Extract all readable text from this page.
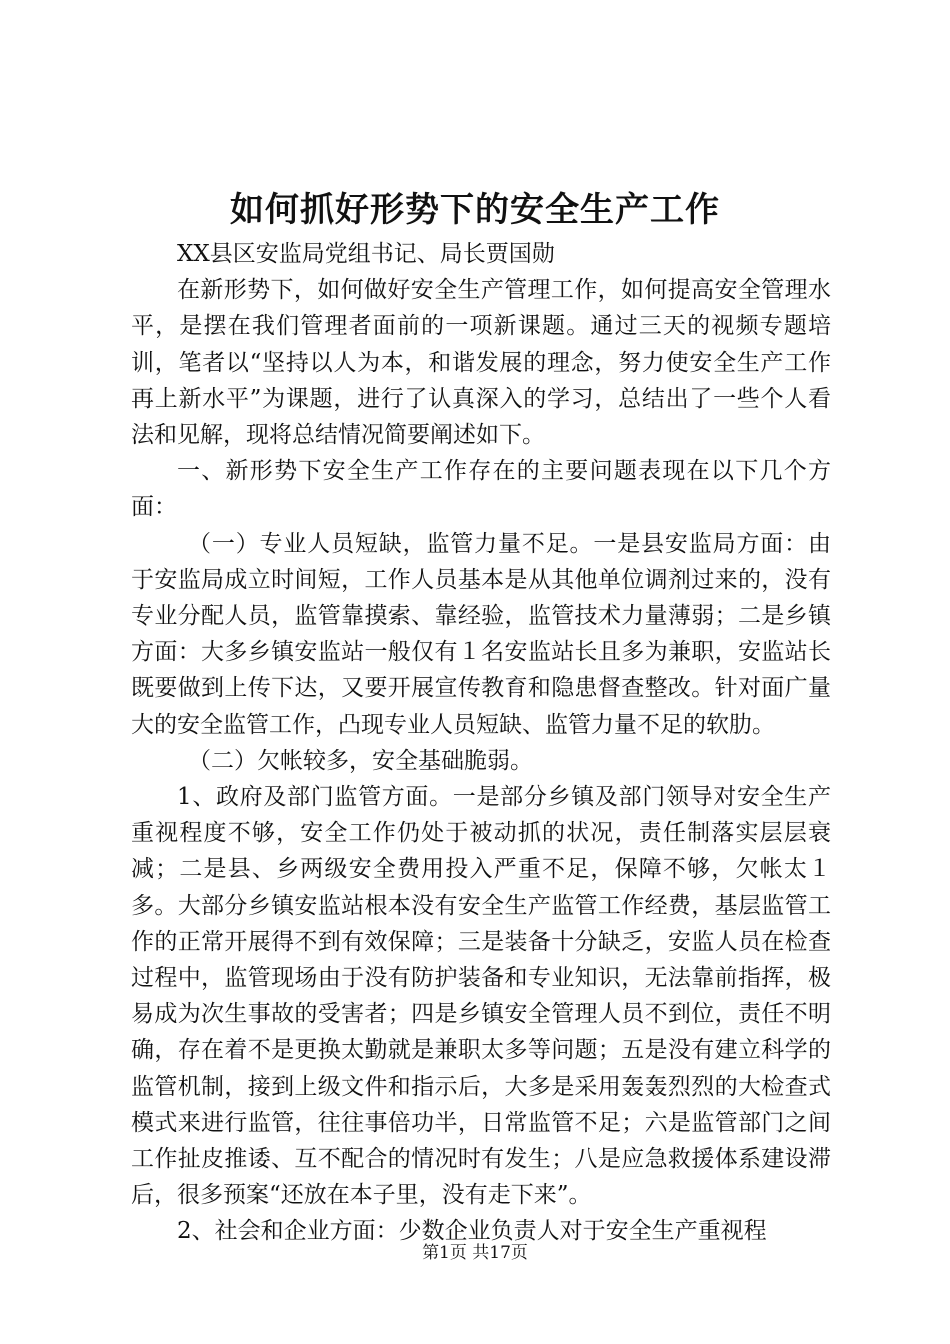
如何抓好形势下的安全生产工作

XX县区安监局党组书记、局长贾国勋

在新形势下，如何做好安全生产管理工作，如何提高安全管理水平，是摆在我们管理者面前的一项新课题。通过三天的视频专题培训，笔者以“坚持以人为本，和谐发展的理念，努力使安全生产工作再上新水平”为课题，进行了认真深入的学习，总结出了一些个人看法和见解，现将总结情况简要阐述如下。

一、新形势下安全生产工作存在的主要问题表现在以下几个方面：

（一）专业人员短缺，监管力量不足。一是县安监局方面：由于安监局成立时间短，工作人员基本是从其他单位调剂过来的，没有专业分配人员，监管靠摸索、靠经验，监管技术力量薄弱；二是乡镇方面：大多乡镇安监站一般仅有１名安监站长且多为兼职，安监站长既要做到上传下达，又要开展宣传教育和隐患督查整改。针对面广量大的安全监管工作，凸现专业人员短缺、监管力量不足的软肋。

（二）欠帐较多，安全基础脆弱。

1、政府及部门监管方面。一是部分乡镇及部门领导对安全生产重视程度不够，安全工作仍处于被动抓的状况，责任制落实层层衰减；二是县、乡两级安全费用投入严重不足，保障不够，欠帐太１多。大部分乡镇安监站根本没有安全生产监管工作经费，基层监管工作的正常开展得不到有效保障；三是装备十分缺乏，安监人员在检查过程中，监管现场由于没有防护装备和专业知识，无法靠前指挥，极易成为次生事故的受害者；四是乡镇安全管理人员不到位，责任不明确，存在着不是更换太勤就是兼职太多等问题；五是没有建立科学的监管机制，接到上级文件和指示后，大多是采用轰轰烈烈的大检查式模式来进行监管，往往事倍功半，日常监管不足；六是监管部门之间工作扯皮推诿、互不配合的情况时有发生；八是应急救援体系建设滞后，很多预案“还放在本子里，没有走下来”。

2、社会和企业方面：少数企业负责人对于安全生产重视程

第1页 共17页
